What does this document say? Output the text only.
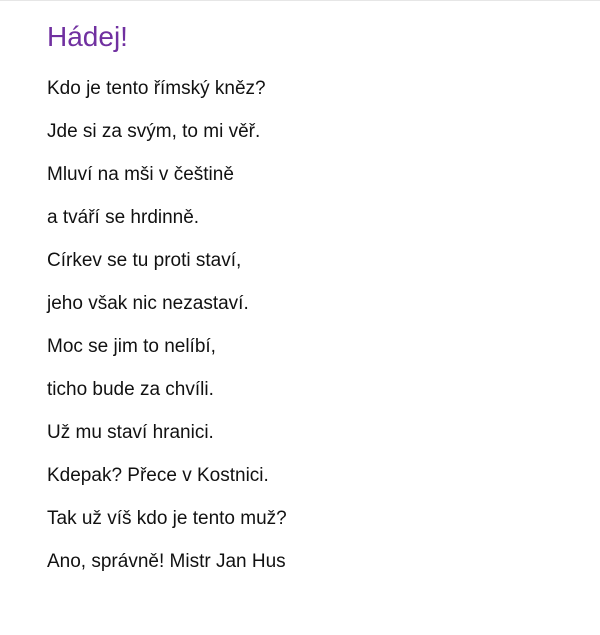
Hádej!
Kdo je tento římský kněz?
Jde si za svým, to mi věř.
Mluví na mši v češtině
a tváří se hrdinně.
Církev se tu proti staví,
jeho však nic nezastaví.
Moc se jim to nelíbí,
ticho bude za chvíli.
Už mu staví hranici.
Kdepak? Přece v Kostnici.
Tak už víš kdo je tento muž?
Ano, správně! Mistr Jan Hus
